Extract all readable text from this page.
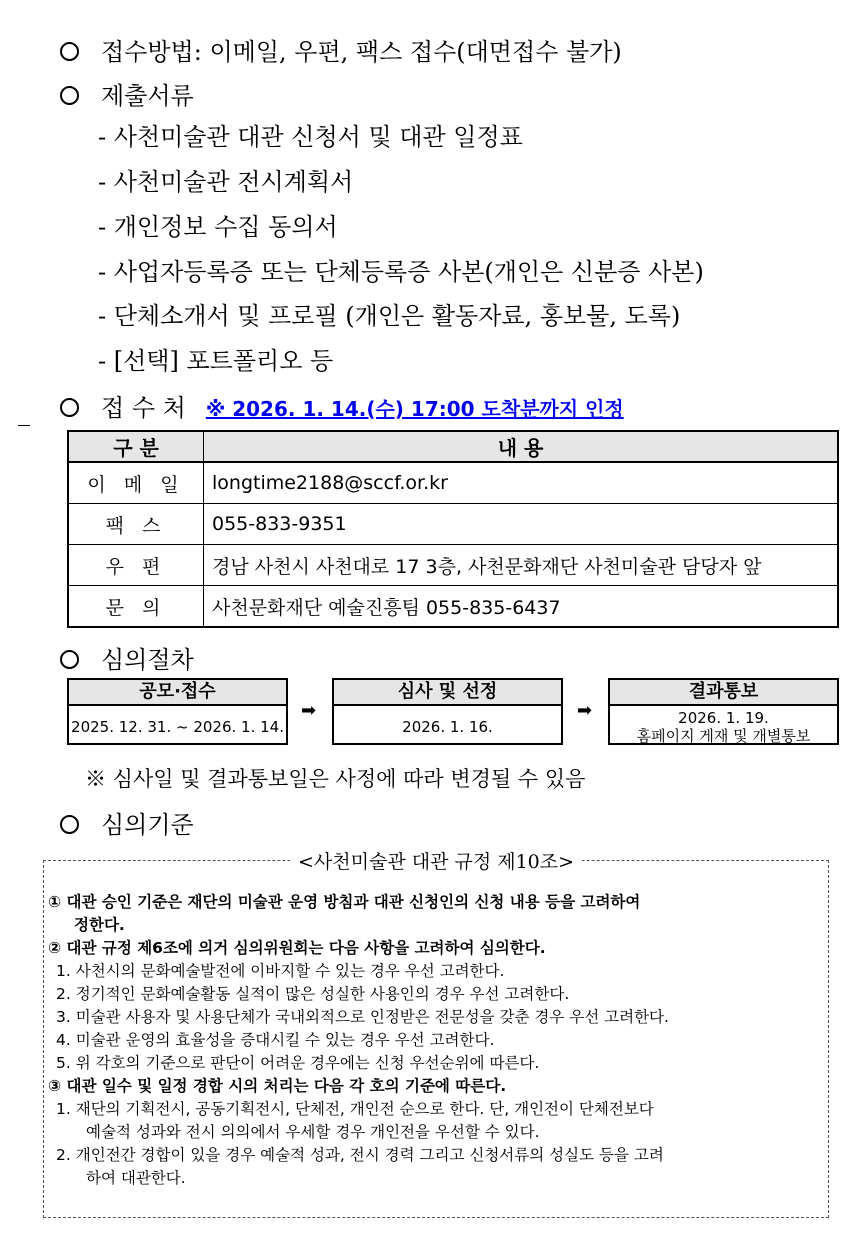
접수방법: 이메일, 우편, 팩스 접수(대면접수 불가)
제출서류
- 사천미술관 대관 신청서 및 대관 일정표
- 사천미술관 전시계획서
- 개인정보 수집 동의서
- 사업자등록증 또는 단체등록증 사본(개인은 신분증 사본)
- 단체소개서 및 프로필 (개인은 활동자료, 홍보물, 도록)
- [선택] 포트폴리오 등
접 수 처 ※ 2026. 1. 14.(수) 17:00 도착분까지 인정
구 분	내 용
이 메 일	longtime2188@sccf.or.kr
팩 스	055-833-9351
우 편	경남 사천시 사천대로 17 3층, 사천문화재단 사천미술관 담당자 앞
문 의	사천문화재단 예술진흥팀 055-835-6437
심의절차
공모·접수
2025. 12. 31. ~ 2026. 1. 14.
➡
심사 및 선정
2026. 1. 16.
➡
결과통보
2026. 1. 19.
홈페이지 게재 및 개별통보
※ 심사일 및 결과통보일은 사정에 따라 변경될 수 있음
심의기준
<사천미술관 대관 규정 제10조>
① 대관 승인 기준은 재단의 미술관 운영 방침과 대관 신청인의 신청 내용 등을 고려하여
정한다.
② 대관 규정 제6조에 의거 심의위원회는 다음 사항을 고려하여 심의한다.
1. 사천시의 문화예술발전에 이바지할 수 있는 경우 우선 고려한다.
2. 정기적인 문화예술활동 실적이 많은 성실한 사용인의 경우 우선 고려한다.
3. 미술관 사용자 및 사용단체가 국내외적으로 인정받은 전문성을 갖춘 경우 우선 고려한다.
4. 미술관 운영의 효율성을 증대시킬 수 있는 경우 우선 고려한다.
5. 위 각호의 기준으로 판단이 어려운 경우에는 신청 우선순위에 따른다.
③ 대관 일수 및 일정 경합 시의 처리는 다음 각 호의 기준에 따른다.
1. 재단의 기획전시, 공동기획전시, 단체전, 개인전 순으로 한다. 단, 개인전이 단체전보다
예술적 성과와 전시 의의에서 우세할 경우 개인전을 우선할 수 있다.
2. 개인전간 경합이 있을 경우 예술적 성과, 전시 경력 그리고 신청서류의 성실도 등을 고려
하여 대관한다.
